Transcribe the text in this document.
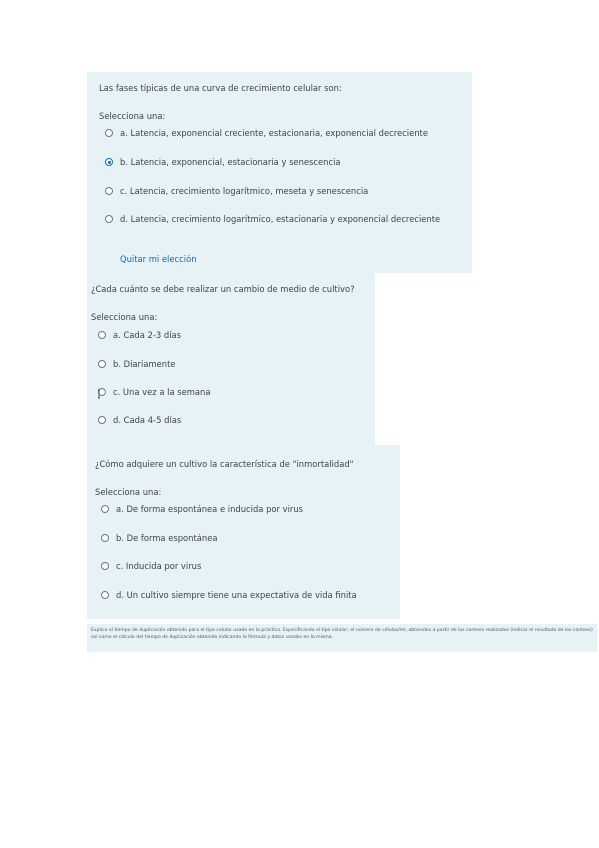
Las fases típicas de una curva de crecimiento celular son:
Selecciona una:
a. Latencia, exponencial creciente, estacionaria, exponencial decreciente
b. Latencia, exponencial, estacionaria y senescencia
c. Latencia, crecimiento logarítmico, meseta y senescencia
d. Latencia, crecimiento logarítmico, estacionaria y exponencial decreciente
Quitar mi elección
¿Cada cuánto se debe realizar un cambio de medio de cultivo?
Selecciona una:
a. Cada 2-3 días
b. Diariamente
c. Una vez a la semana
d. Cada 4-5 días
¿Cómo adquiere un cultivo la característica de "inmortalidad"
Selecciona una:
a. De forma espontánea e inducida por virus
b. De forma espontánea
c. Inducida por virus
d. Un cultivo siempre tiene una expectativa de vida finita
Explica el tiempo de duplicación obtenido para el tipo celular usado en la práctica. Especificando el tipo celular, el número de células/ml, obtenidos a partir de los conteos realizados (indicar el resultado de los conteos) así como el cálculo del tiempo de duplicación obtenido indicando la fórmula y datos usados en la misma.
